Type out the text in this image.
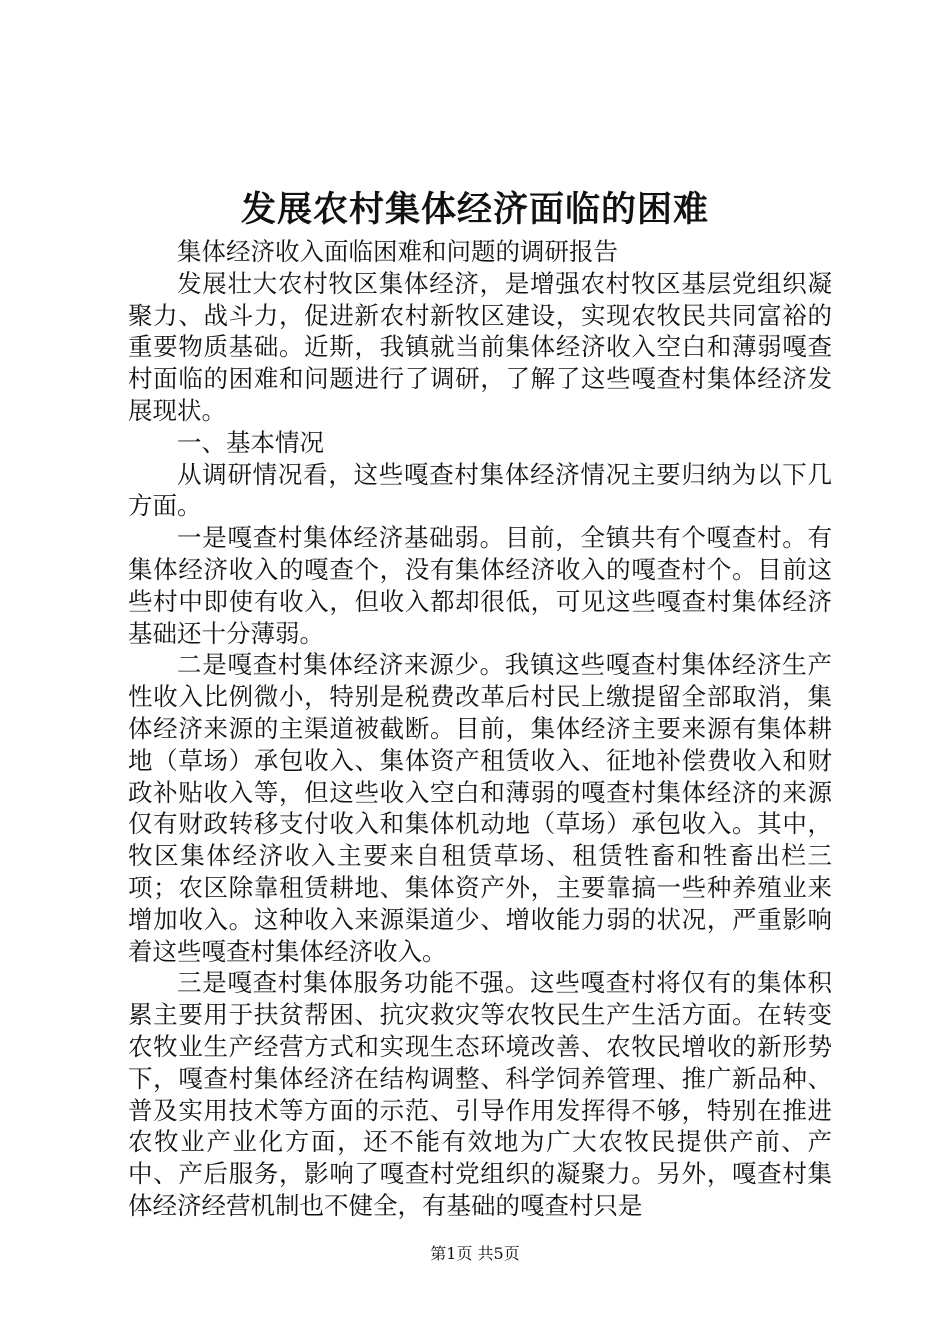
发展农村集体经济面临的困难

集体经济收入面临困难和问题的调研报告

发展壮大农村牧区集体经济，是增强农村牧区基层党组织凝聚力、战斗力，促进新农村新牧区建设，实现农牧民共同富裕的重要物质基础。近斯，我镇就当前集体经济收入空白和薄弱嘎查村面临的困难和问题进行了调研，了解了这些嘎查村集体经济发展现状。

一、基本情况

从调研情况看，这些嘎查村集体经济情况主要归纳为以下几方面。

一是嘎查村集体经济基础弱。目前，全镇共有个嘎查村。有集体经济收入的嘎查个，没有集体经济收入的嘎查村个。目前这些村中即使有收入，但收入都却很低，可见这些嘎查村集体经济基础还十分薄弱。

二是嘎查村集体经济来源少。我镇这些嘎查村集体经济生产性收入比例微小，特别是税费改革后村民上缴提留全部取消，集体经济来源的主渠道被截断。目前，集体经济主要来源有集体耕地（草场）承包收入、集体资产租赁收入、征地补偿费收入和财政补贴收入等，但这些收入空白和薄弱的嘎查村集体经济的来源仅有财政转移支付收入和集体机动地（草场）承包收入。其中，牧区集体经济收入主要来自租赁草场、租赁牲畜和牲畜出栏三项；农区除靠租赁耕地、集体资产外，主要靠搞一些种养殖业来增加收入。这种收入来源渠道少、增收能力弱的状况，严重影响着这些嘎查村集体经济收入。

三是嘎查村集体服务功能不强。这些嘎查村将仅有的集体积累主要用于扶贫帮困、抗灾救灾等农牧民生产生活方面。在转变农牧业生产经营方式和实现生态环境改善、农牧民增收的新形势下，嘎查村集体经济在结构调整、科学饲养管理、推广新品种、普及实用技术等方面的示范、引导作用发挥得不够，特别在推进农牧业产业化方面，还不能有效地为广大农牧民提供产前、产中、产后服务，影响了嘎查村党组织的凝聚力。另外，嘎查村集体经济经营机制也不健全，有基础的嘎查村只是

第1页 共5页
